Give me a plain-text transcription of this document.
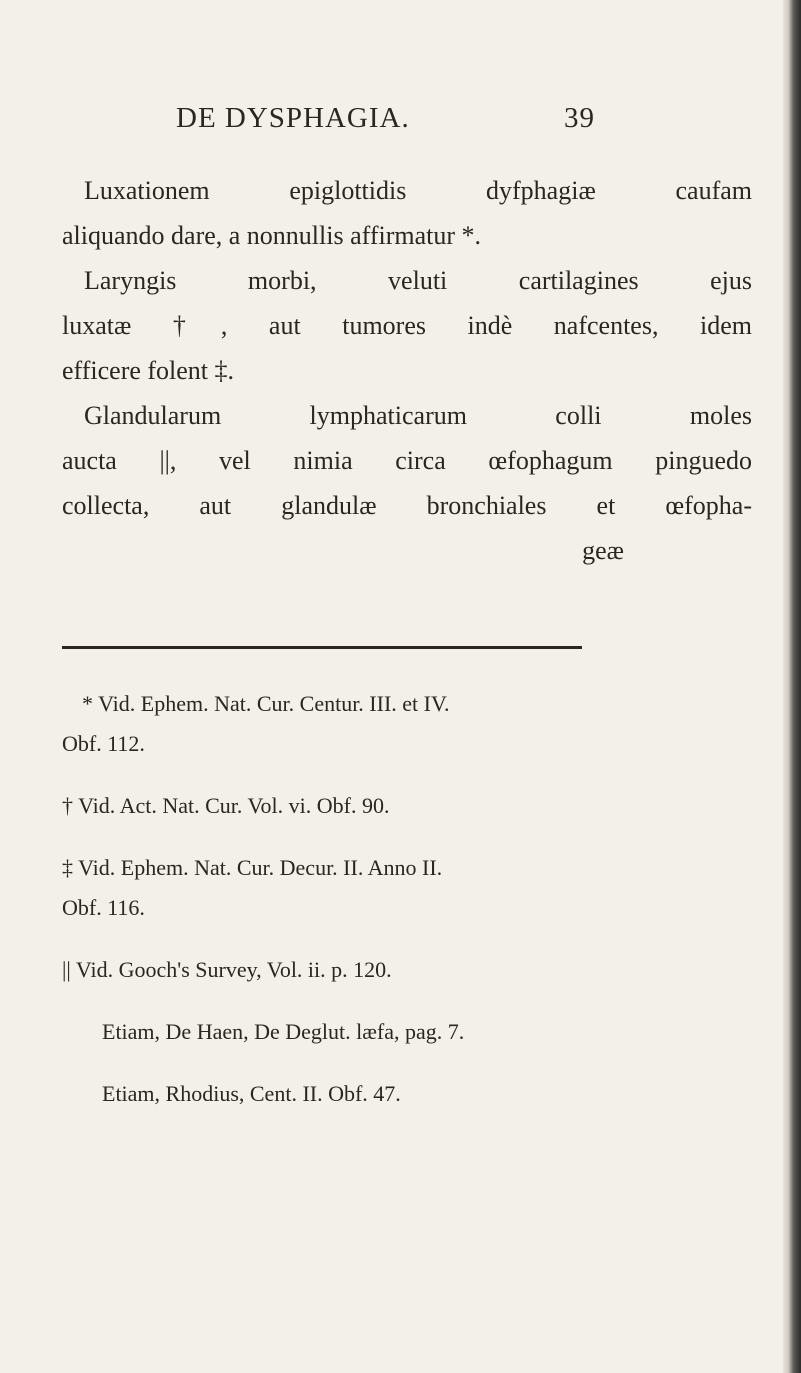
DE DYSPHAGIA.	39
Luxationem epiglottidis dyfphagiæ caufam
aliquando dare, a nonnullis affirmatur *.
Laryngis morbi, veluti cartilagines ejus
luxatæ †, aut tumores indè nafcentes, idem
efficere folent ‡.
Glandularum lymphaticarum colli moles
aucta ||, vel nimia circa œfophagum pinguedo
collecta, aut glandulæ bronchiales et œfopha-
geæ
* Vid. Ephem. Nat. Cur. Centur. III. et IV.
Obf. 112.
† Vid. Act. Nat. Cur. Vol. vi. Obf. 90.
‡ Vid. Ephem. Nat. Cur. Decur. II. Anno II.
Obf. 116.
|| Vid. Gooch's Survey, Vol. ii. p. 120.
Etiam, De Haen, De Deglut. læfa, pag. 7.
Etiam, Rhodius, Cent. II. Obf. 47.
